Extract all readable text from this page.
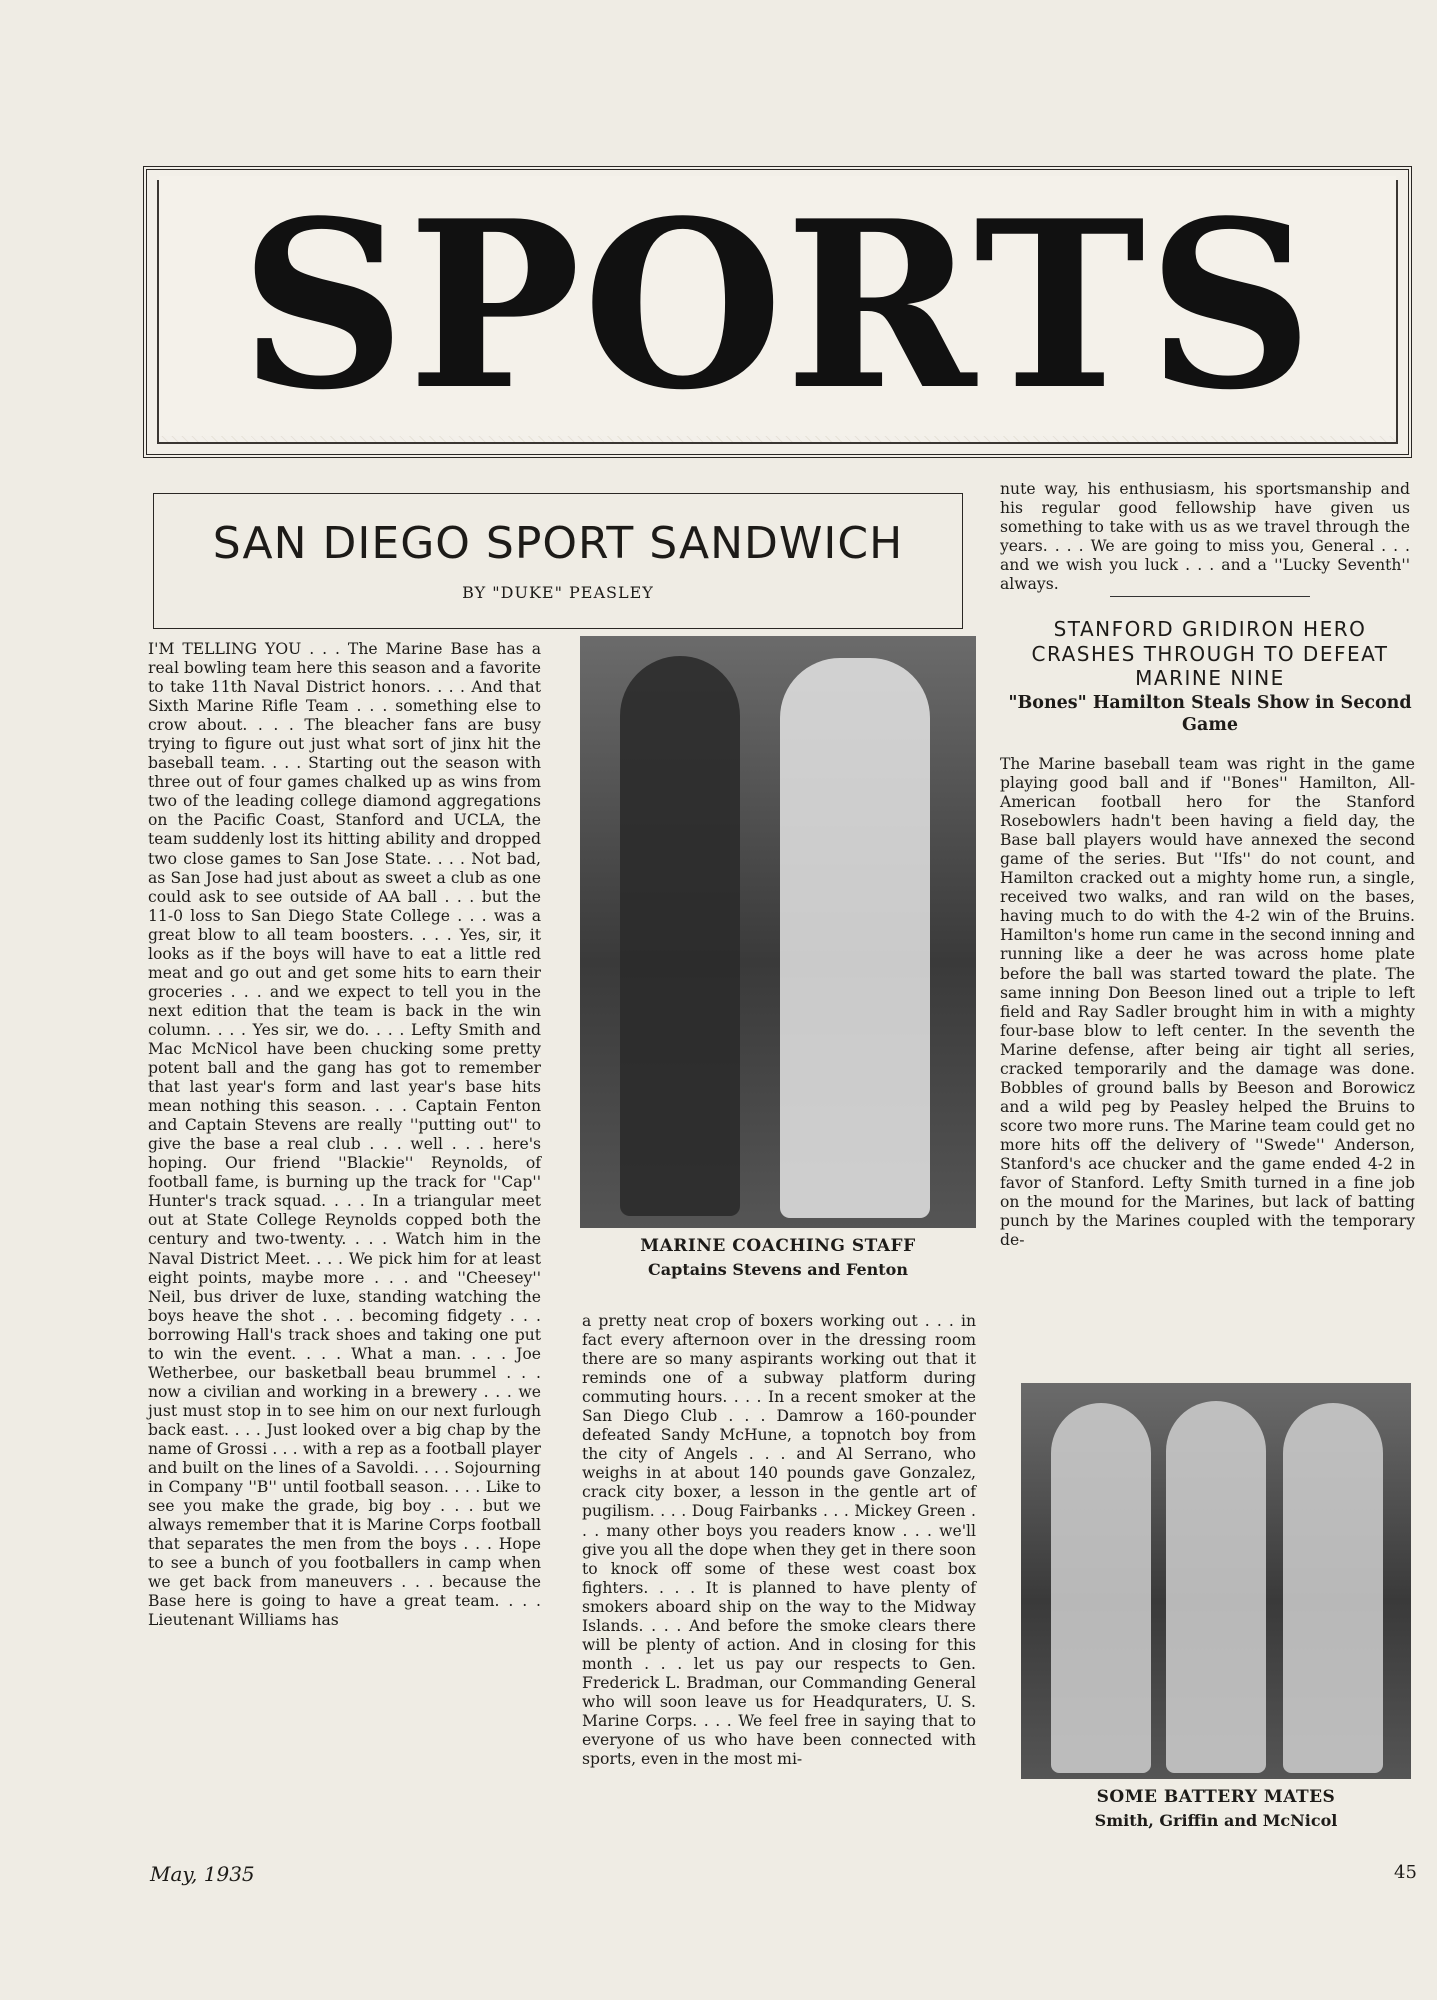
SPORTS
SAN DIEGO SPORT SANDWICH
BY "DUKE" PEASLEY

I'M TELLING YOU . . . The Marine Base has a real bowling team here this season and a favorite to take 11th Naval District honors. . . . And that Sixth Marine Rifle Team . . . something else to crow about. . . . The bleacher fans are busy trying to figure out just what sort of jinx hit the baseball team. . . . Starting out the season with three out of four games chalked up as wins from two of the leading college diamond aggregations on the Pacific Coast, Stanford and UCLA, the team suddenly lost its hitting ability and dropped two close games to San Jose State. . . . Not bad, as San Jose had just about as sweet a club as one could ask to see outside of AA ball . . . but the 11-0 loss to San Diego State College . . . was a great blow to all team boosters. . . . Yes, sir, it looks as if the boys will have to eat a little red meat and go out and get some hits to earn their groceries . . . and we expect to tell you in the next edition that the team is back in the win column. . . . Yes sir, we do. . . . Lefty Smith and Mac McNicol have been chucking some pretty potent ball and the gang has got to remember that last year's form and last year's base hits mean nothing this season. . . . Captain Fenton and Captain Stevens are really ''putting out'' to give the base a real club . . . well . . . here's hoping. Our friend ''Blackie'' Reynolds, of football fame, is burning up the track for ''Cap'' Hunter's track squad. . . . In a triangular meet out at State College Reynolds copped both the century and two-twenty. . . . Watch him in the Naval District Meet. . . . We pick him for at least eight points, maybe more . . . and ''Cheesey'' Neil, bus driver de luxe, standing watching the boys heave the shot . . . becoming fidgety . . . borrowing Hall's track shoes and taking one put to win the event. . . . What a man. . . . Joe Wetherbee, our basketball beau brummel . . . now a civilian and working in a brewery . . . we just must stop in to see him on our next furlough back east. . . . Just looked over a big chap by the name of Grossi . . . with a rep as a football player and built on the lines of a Savoldi. . . . Sojourning in Company ''B'' until football season. . . . Like to see you make the grade, big boy . . . but we always remember that it is Marine Corps football that separates the men from the boys . . . Hope to see a bunch of you footballers in camp when we get back from maneuvers . . . because the Base here is going to have a great team. . . . Lieutenant Williams has

MARINE COACHING STAFF
Captains Stevens and Fenton

a pretty neat crop of boxers working out . . . in fact every afternoon over in the dressing room there are so many aspirants working out that it reminds one of a subway platform during commuting hours. . . . In a recent smoker at the San Diego Club . . . Damrow a 160-pounder defeated Sandy McHune, a topnotch boy from the city of Angels . . . and Al Serrano, who weighs in at about 140 pounds gave Gonzalez, crack city boxer, a lesson in the gentle art of pugilism. . . . Doug Fairbanks . . . Mickey Green . . . many other boys you readers know . . . we'll give you all the dope when they get in there soon to knock off some of these west coast box fighters. . . . It is planned to have plenty of smokers aboard ship on the way to the Midway Islands. . . . And before the smoke clears there will be plenty of action. And in closing for this month . . . let us pay our respects to Gen. Frederick L. Bradman, our Commanding General who will soon leave us for Headquraters, U. S. Marine Corps. . . . We feel free in saying that to everyone of us who have been connected with sports, even in the most mi-

nute way, his enthusiasm, his sportsmanship and his regular good fellowship have given us something to take with us as we travel through the years. . . . We are going to miss you, General . . . and we wish you luck . . . and a ''Lucky Seventh'' always.

STANFORD GRIDIRON HERO CRASHES THROUGH TO DEFEAT MARINE NINE
"Bones" Hamilton Steals Show in Second Game

The Marine baseball team was right in the game playing good ball and if ''Bones'' Hamilton, All-American football hero for the Stanford Rosebowlers hadn't been having a field day, the Base ball players would have annexed the second game of the series. But ''Ifs'' do not count, and Hamilton cracked out a mighty home run, a single, received two walks, and ran wild on the bases, having much to do with the 4-2 win of the Bruins. Hamilton's home run came in the second inning and running like a deer he was across home plate before the ball was started toward the plate. The same inning Don Beeson lined out a triple to left field and Ray Sadler brought him in with a mighty four-base blow to left center. In the seventh the Marine defense, after being air tight all series, cracked temporarily and the damage was done. Bobbles of ground balls by Beeson and Borowicz and a wild peg by Peasley helped the Bruins to score two more runs. The Marine team could get no more hits off the delivery of ''Swede'' Anderson, Stanford's ace chucker and the game ended 4-2 in favor of Stanford. Lefty Smith turned in a fine job on the mound for the Marines, but lack of batting punch by the Marines coupled with the temporary de-

SOME BATTERY MATES
Smith, Griffin and McNicol
May, 1935	45
